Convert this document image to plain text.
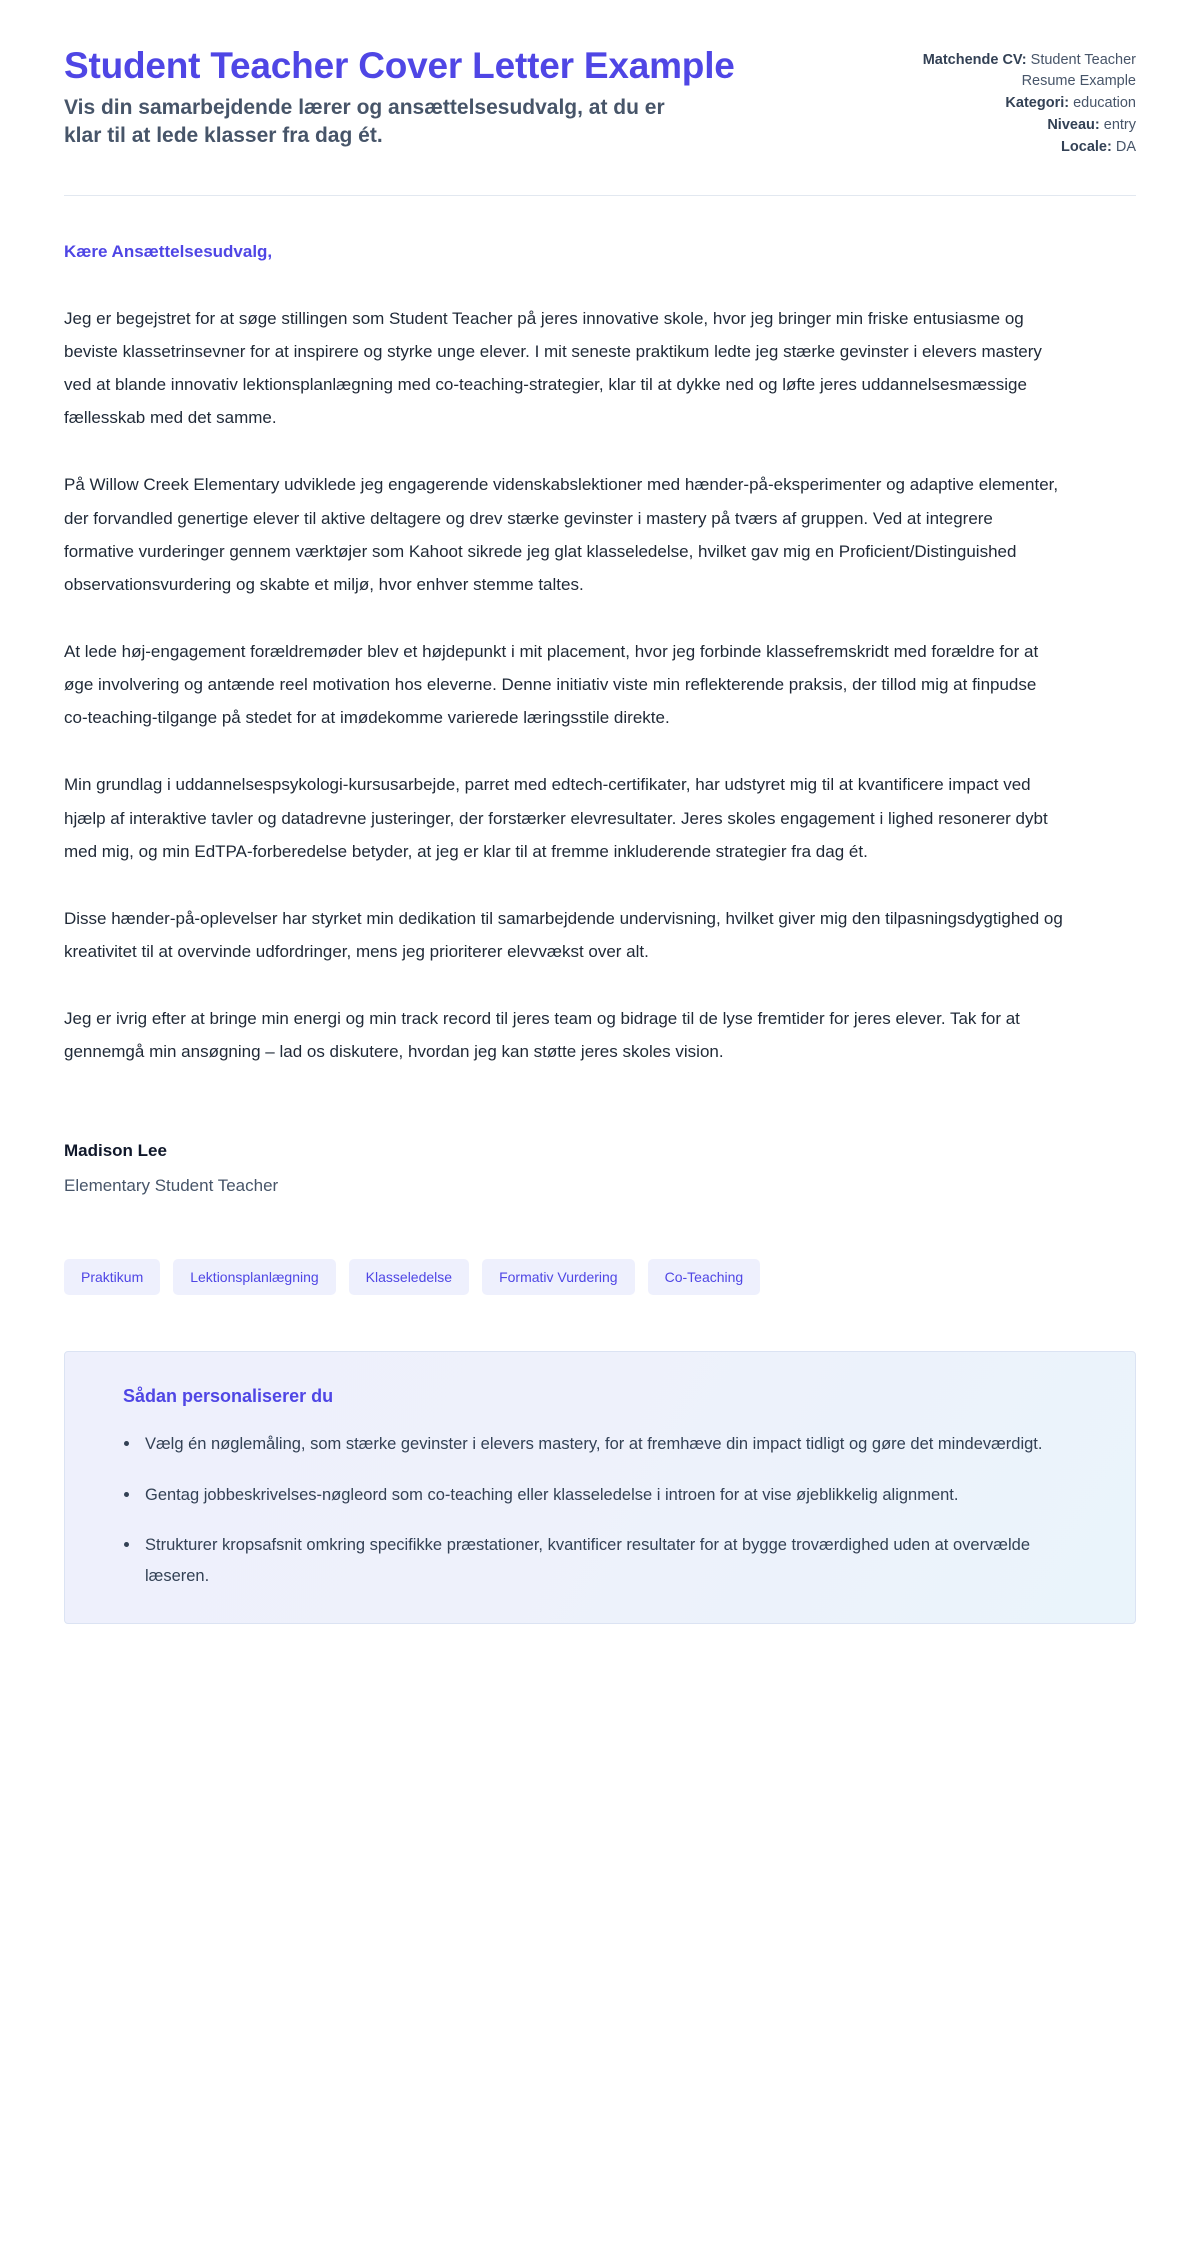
Student Teacher Cover Letter Example

Vis din samarbejdende lærer og ansættelsesudvalg, at du er klar til at lede klasser fra dag ét.

Matchende CV: Student Teacher Resume Example
Kategori: education
Niveau: entry
Locale: DA
Kære Ansættelsesudvalg,

Jeg er begejstret for at søge stillingen som Student Teacher på jeres innovative skole, hvor jeg bringer min friske entusiasme og beviste klassetrinsevner for at inspirere og styrke unge elever. I mit seneste praktikum ledte jeg stærke gevinster i elevers mastery ved at blande innovativ lektionsplanlægning med co-teaching-strategier, klar til at dykke ned og løfte jeres uddannelsesmæssige fællesskab med det samme.

På Willow Creek Elementary udviklede jeg engagerende videnskabslektioner med hænder-på-eksperimenter og adaptive elementer, der forvandled genertige elever til aktive deltagere og drev stærke gevinster i mastery på tværs af gruppen. Ved at integrere formative vurderinger gennem værktøjer som Kahoot sikrede jeg glat klasseledelse, hvilket gav mig en Proficient/Distinguished observationsvurdering og skabte et miljø, hvor enhver stemme taltes.

At lede høj-engagement forældremøder blev et højdepunkt i mit placement, hvor jeg forbinde klassefremskridt med forældre for at øge involvering og antænde reel motivation hos eleverne. Denne initiativ viste min reflekterende praksis, der tillod mig at finpudse co-teaching-tilgange på stedet for at imødekomme varierede læringsstile direkte.

Min grundlag i uddannelsespsykologi-kursusarbejde, parret med edtech-certifikater, har udstyret mig til at kvantificere impact ved hjælp af interaktive tavler og datadrevne justeringer, der forstærker elevresultater. Jeres skoles engagement i lighed resonerer dybt med mig, og min EdTPA-forberedelse betyder, at jeg er klar til at fremme inkluderende strategier fra dag ét.

Disse hænder-på-oplevelser har styrket min dedikation til samarbejdende undervisning, hvilket giver mig den tilpasningsdygtighed og kreativitet til at overvinde udfordringer, mens jeg prioriterer elevvækst over alt.

Jeg er ivrig efter at bringe min energi og min track record til jeres team og bidrage til de lyse fremtider for jeres elever. Tak for at gennemgå min ansøgning – lad os diskutere, hvordan jeg kan støtte jeres skoles vision.

Madison Lee
Elementary Student Teacher
Praktikum	Lektionsplanlægning	Klasseledelse	Formativ Vurdering	Co-Teaching
Sådan personaliserer du
Vælg én nøglemåling, som stærke gevinster i elevers mastery, for at fremhæve din impact tidligt og gøre det mindeværdigt.
Gentag jobbeskrivelses-nøgleord som co-teaching eller klasseledelse i introen for at vise øjeblikkelig alignment.
Strukturer kropsafsnit omkring specifikke præstationer, kvantificer resultater for at bygge troværdighed uden at overvælde læseren.
